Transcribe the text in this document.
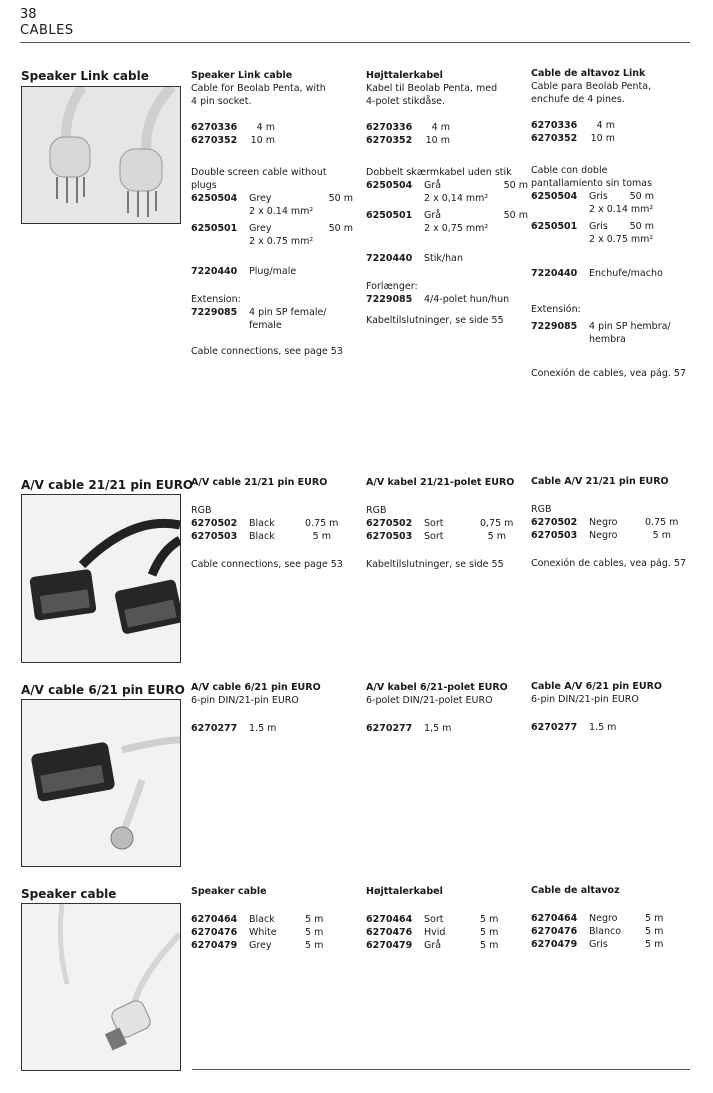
38
CABLES
Speaker Link cable	Speaker Link cable
Cable for Beolab Penta, with
4 pin socket.
6270336	4 m
6270352	10 m
Double screen cable without
plugs
6250504	Grey	50 m
2 x 0.14 mm²
6250501	Grey	50 m
2 x 0.75 mm²
7220440	Plug/male
Extension:
7229085	4 pin SP female/
female
Cable connections, see page 53
Højttalerkabel
Kabel til Beolab Penta, med
4-polet stikdåse.
6270336	4 m
6270352	10 m
Dobbelt skærmkabel uden stik
6250504	Grå	50 m
2 x 0,14 mm²
6250501	Grå	50 m
2 x 0,75 mm²
7220440	Stik/han
Forlænger:
7229085	4/4-polet hun/hun
Kabeltilslutninger, se side 55
Cable de altavoz Link
Cable para Beolab Penta,
enchufe de 4 pines.
6270336	4 m
6270352	10 m
Cable con doble
pantallamiento sin tomas
6250504	Gris 50 m
2 x 0.14 mm²
6250501	Gris 50 m
2 x 0.75 mm²
7220440	Enchufe/macho
Extensión:
7229085	4 pin SP hembra/
hembra
Conexión de cables, vea pág. 57
A/V cable 21/21 pin EURO
A/V cable 21/21 pin EURO
RGB
6270502	Black	0.75 m
6270503	Black	5 m
Cable connections, see page 53
A/V kabel 21/21-polet EURO
RGB
6270502	Sort	0,75 m
6270503	Sort	5 m
Kabeltilslutninger, se side 55
Cable A/V 21/21 pin EURO
RGB
6270502	Negro	0.75 m
6270503	Negro	5 m
Conexión de cables, vea pág. 57
A/V cable 6/21 pin EURO A/V cable 6/21 pin EURO
6-pin DIN/21-pin EURO
6270277	1.5 m
A/V kabel 6/21-polet EURO
6-polet DIN/21-polet EURO
6270277	1,5 m
Cable A/V 6/21 pin EURO
6-pin DIN/21-pin EURO
6270277	1.5 m
Speaker cable	Speaker cable
6270464	Black	5 m
6270476	White	5 m
6270479	Grey	5 m
Højttalerkabel
6270464	Sort	5 m
6270476	Hvid	5 m
6270479	Grå	5 m
Cable de altavoz
6270464	Negro	5 m
6270476	Blanco	5 m
6270479	Gris	5 m
